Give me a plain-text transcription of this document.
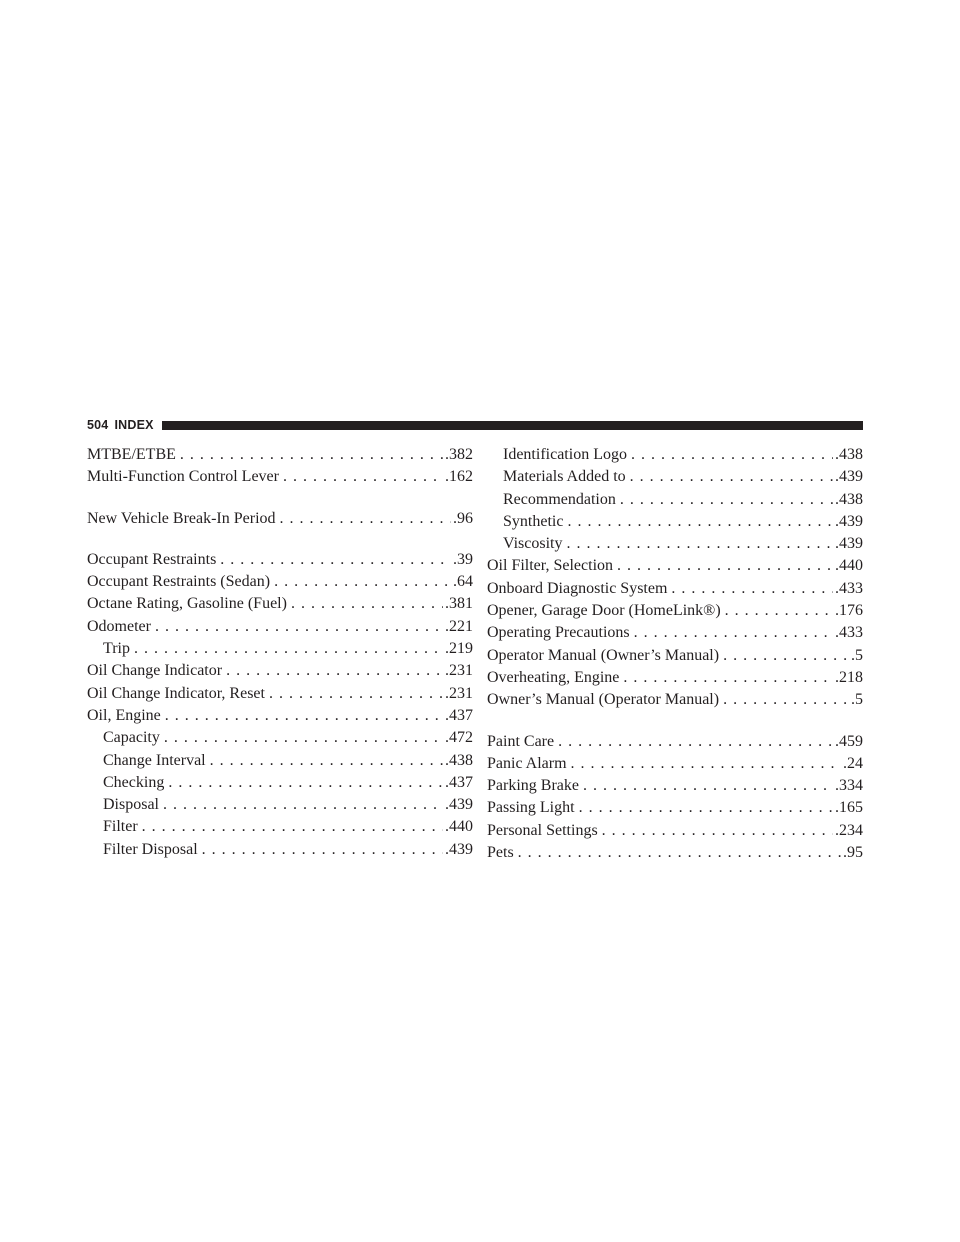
504 INDEX
MTBE/ETBE . . .	.382
Multi-Function Control Lever . . .	.162
New Vehicle Break-In Period . . .	.96
Occupant Restraints . . .	.39
Occupant Restraints (Sedan) . . .	.64
Octane Rating, Gasoline (Fuel) . . .	.381
Odometer . . .	.221
Trip . . .	.219
Oil Change Indicator . . .	.231
Oil Change Indicator, Reset . . .	.231
Oil, Engine . . .	.437
Capacity . . .	.472
Change Interval . . .	.438
Checking . . .	.437
Disposal . . .	.439
Filter . . .	.440
Filter Disposal . . .	.439
Identification Logo . . .	.438
Materials Added to . . .	.439
Recommendation . . .	.438
Synthetic . . .	.439
Viscosity . . .	.439
Oil Filter, Selection . . .	.440
Onboard Diagnostic System . . .	.433
Opener, Garage Door (HomeLink®) . . .	.176
Operating Precautions . . .	.433
Operator Manual (Owner’s Manual) . . .	.5
Overheating, Engine . . .	.218
Owner’s Manual (Operator Manual) . . .	.5
Paint Care . . .	.459
Panic Alarm . . .	.24
Parking Brake . . .	.334
Passing Light . . .	.165
Personal Settings . . .	.234
Pets . . .	.95
